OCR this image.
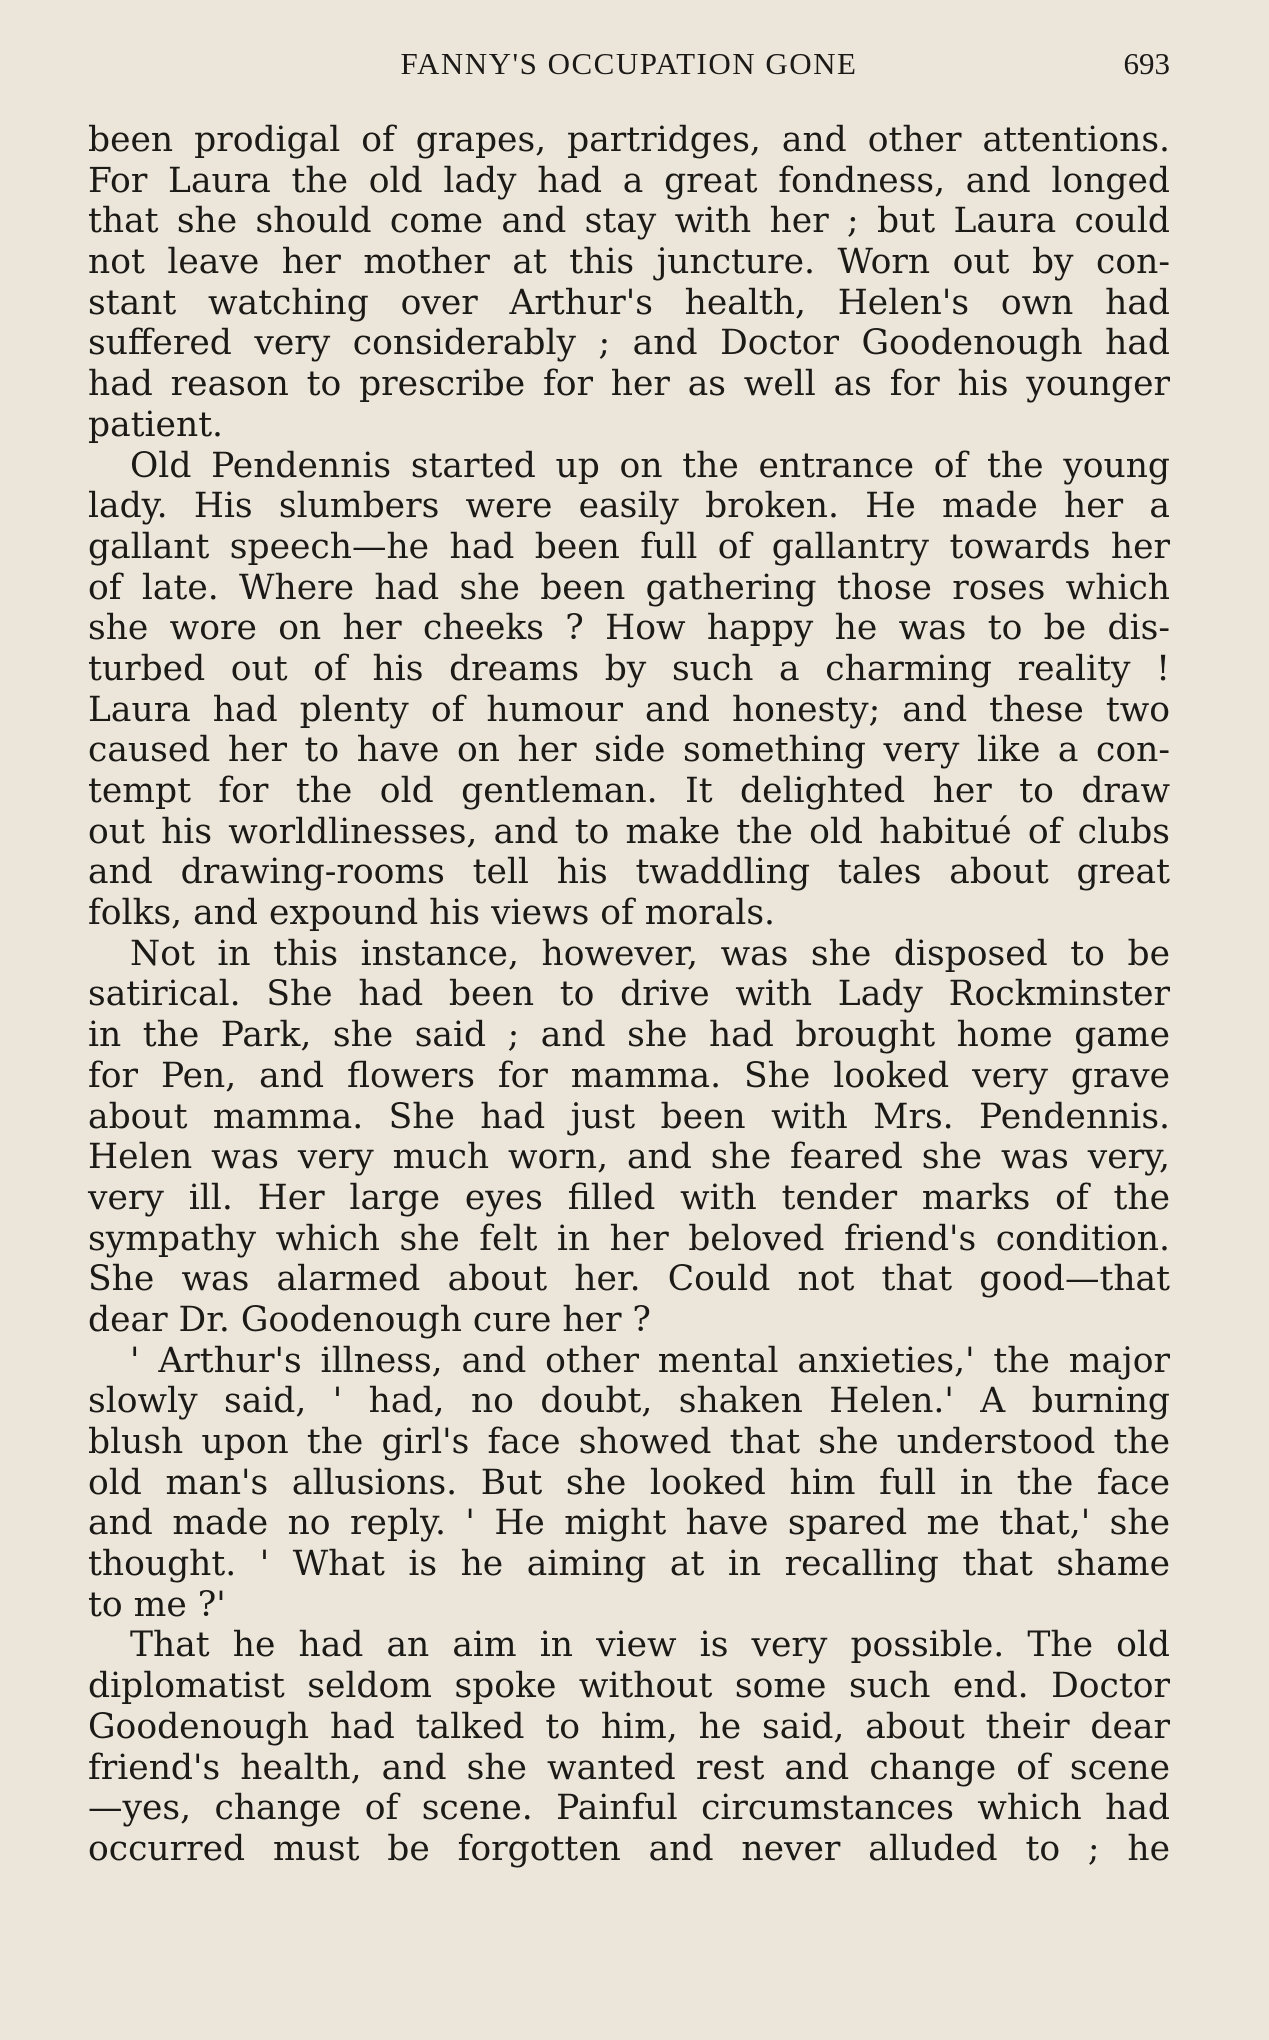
FANNY'S OCCUPATION GONE	693
been prodigal of grapes, partridges, and other attentions.
For Laura the old lady had a great fondness, and longed
that she should come and stay with her ; but Laura could
not leave her mother at this juncture. Worn out by con-
stant watching over Arthur's health, Helen's own had
suffered very considerably ; and Doctor Goodenough had
had reason to prescribe for her as well as for his younger
patient.
Old Pendennis started up on the entrance of the young
lady. His slumbers were easily broken. He made her a
gallant speech—he had been full of gallantry towards her
of late. Where had she been gathering those roses which
she wore on her cheeks ? How happy he was to be dis-
turbed out of his dreams by such a charming reality !
Laura had plenty of humour and honesty; and these two
caused her to have on her side something very like a con-
tempt for the old gentleman. It delighted her to draw
out his worldlinesses, and to make the old habitué of clubs
and drawing-rooms tell his twaddling tales about great
folks, and expound his views of morals.
Not in this instance, however, was she disposed to be
satirical. She had been to drive with Lady Rockminster
in the Park, she said ; and she had brought home game
for Pen, and flowers for mamma. She looked very grave
about mamma. She had just been with Mrs. Pendennis.
Helen was very much worn, and she feared she was very,
very ill. Her large eyes filled with tender marks of the
sympathy which she felt in her beloved friend's condition.
She was alarmed about her. Could not that good—that
dear Dr. Goodenough cure her ?
' Arthur's illness, and other mental anxieties,' the major
slowly said, ' had, no doubt, shaken Helen.' A burning
blush upon the girl's face showed that she understood the
old man's allusions. But she looked him full in the face
and made no reply. ' He might have spared me that,' she
thought. ' What is he aiming at in recalling that shame
to me ?'
That he had an aim in view is very possible. The old
diplomatist seldom spoke without some such end. Doctor
Goodenough had talked to him, he said, about their dear
friend's health, and she wanted rest and change of scene
—yes, change of scene. Painful circumstances which had
occurred must be forgotten and never alluded to ; he
